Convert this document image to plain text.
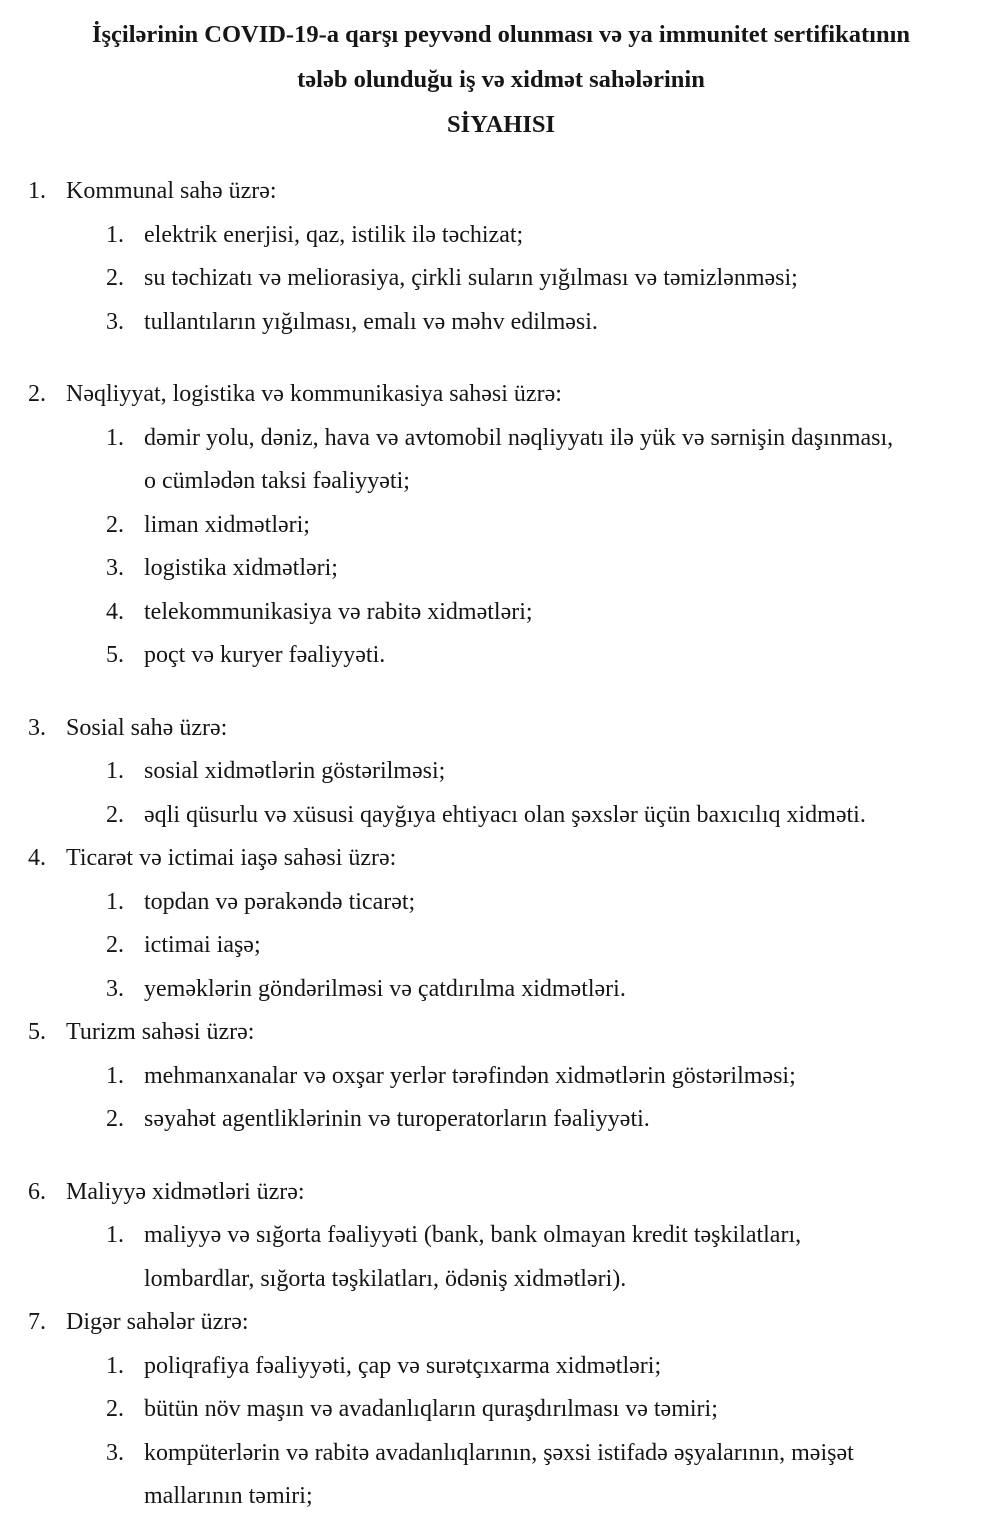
İşçilərinin COVID-19-a qarşı peyvənd olunması və ya immunitet sertifikatının
tələb olunduğu iş və xidmət sahələrinin
SİYAHISI
1. Kommunal sahə üzrə:
1. elektrik enerjisi, qaz, istilik ilə təchizat;
2. su təchizatı və meliorasiya, çirkli suların yığılması və təmizlənməsi;
3. tullantıların yığılması, emalı və məhv edilməsi.
2. Nəqliyyat, logistika və kommunikasiya sahəsi üzrə:
1. dəmir yolu, dəniz, hava və avtomobil nəqliyyatı ilə yük və sərnişin daşınması,
o cümlədən taksi fəaliyyəti;
2. liman xidmətləri;
3. logistika xidmətləri;
4. telekommunikasiya və rabitə xidmətləri;
5. poçt və kuryer fəaliyyəti.
3. Sosial sahə üzrə:
1. sosial xidmətlərin göstərilməsi;
2. əqli qüsurlu və xüsusi qayğıya ehtiyacı olan şəxslər üçün baxıcılıq xidməti.
4. Ticarət və ictimai iaşə sahəsi üzrə:
1. topdan və pərakəndə ticarət;
2. ictimai iaşə;
3. yeməklərin göndərilməsi və çatdırılma xidmətləri.
5. Turizm sahəsi üzrə:
1. mehmanxanalar və oxşar yerlər tərəfindən xidmətlərin göstərilməsi;
2. səyahət agentliklərinin və turoperatorların fəaliyyəti.
6. Maliyyə xidmətləri üzrə:
1. maliyyə və sığorta fəaliyyəti (bank, bank olmayan kredit təşkilatları,
lombardlar, sığorta təşkilatları, ödəniş xidmətləri).
7. Digər sahələr üzrə:
1. poliqrafiya fəaliyyəti, çap və surətçıxarma xidmətləri;
2. bütün növ maşın və avadanlıqların quraşdırılması və təmiri;
3. kompüterlərin və rabitə avadanlıqlarının, şəxsi istifadə əşyalarının, məişət
mallarının təmiri;
